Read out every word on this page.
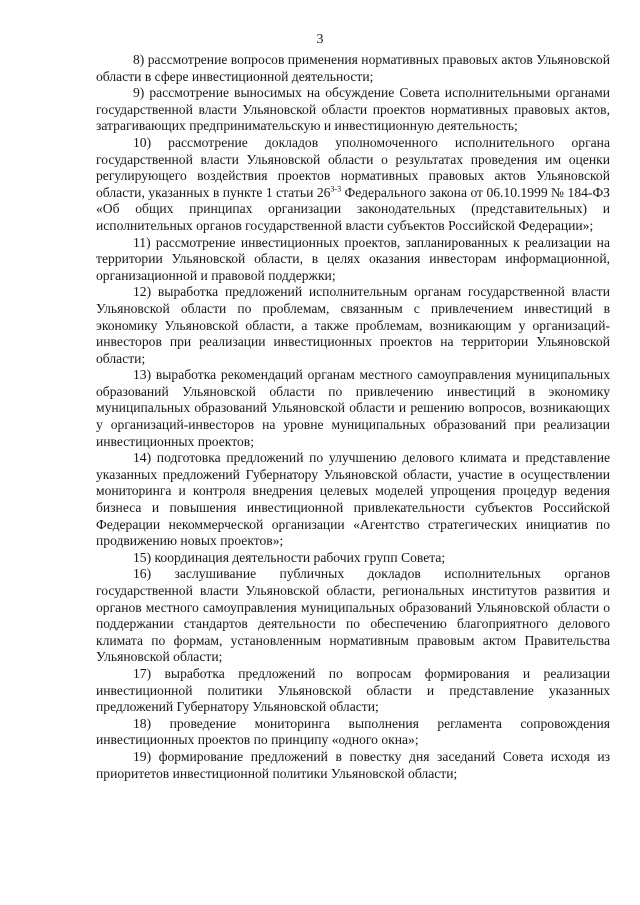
3

8) рассмотрение вопросов применения нормативных правовых актов Ульяновской области в сфере инвестиционной деятельности;

9) рассмотрение выносимых на обсуждение Совета исполнительными органами государственной власти Ульяновской области проектов нормативных правовых актов, затрагивающих предпринимательскую и инвестиционную деятельность;

10) рассмотрение докладов уполномоченного исполнительного органа государственной власти Ульяновской области о результатах проведения им оценки регулирующего воздействия проектов нормативных правовых актов Ульяновской области, указанных в пункте 1 статьи 26$^{3-3}$ Федерального закона от 06.10.1999 № 184-ФЗ «Об общих принципах организации законодательных (представительных) и исполнительных органов государственной власти субъектов Российской Федерации»;

11) рассмотрение инвестиционных проектов, запланированных к реализации на территории Ульяновской области, в целях оказания инвесторам информационной, организационной и правовой поддержки;

12) выработка предложений исполнительным органам государственной власти Ульяновской области по проблемам, связанным с привлечением инвестиций в экономику Ульяновской области, а также проблемам, возникающим у организаций-инвесторов при реализации инвестиционных проектов на территории Ульяновской области;

13) выработка рекомендаций органам местного самоуправления муниципальных образований Ульяновской области по привлечению инвестиций в экономику муниципальных образований Ульяновской области и решению вопросов, возникающих у организаций-инвесторов на уровне муниципальных образований при реализации инвестиционных проектов;

14) подготовка предложений по улучшению делового климата и представление указанных предложений Губернатору Ульяновской области, участие в осуществлении мониторинга и контроля внедрения целевых моделей упрощения процедур ведения бизнеса и повышения инвестиционной привлекательности субъектов Российской Федерации некоммерческой организации «Агентство стратегических инициатив по продвижению новых проектов»;

15) координация деятельности рабочих групп Совета;

16) заслушивание публичных докладов исполнительных органов государственной власти Ульяновской области, региональных институтов развития и органов местного самоуправления муниципальных образований Ульяновской области о поддержании стандартов деятельности по обеспечению благоприятного делового климата по формам, установленным нормативным правовым актом Правительства Ульяновской области;

17) выработка предложений по вопросам формирования и реализации инвестиционной политики Ульяновской области и представление указанных предложений Губернатору Ульяновской области;

18) проведение мониторинга выполнения регламента сопровождения инвестиционных проектов по принципу «одного окна»;

19) формирование предложений в повестку дня заседаний Совета исходя из приоритетов инвестиционной политики Ульяновской области;
